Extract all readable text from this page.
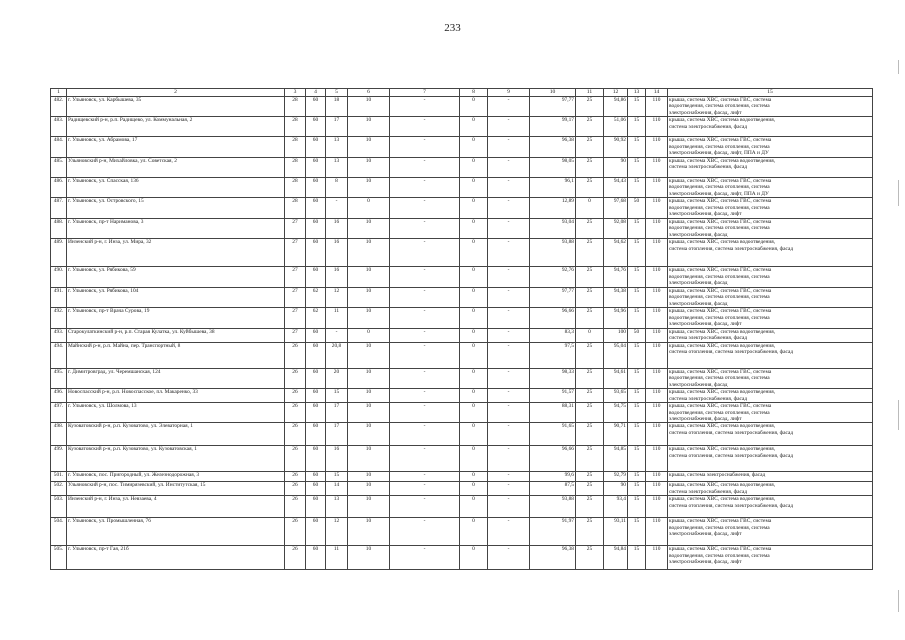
233
1	2	3	4	5	6	7	8	9	10	11	12	13	14	15
482.	г. Ульяновск, ул. Карбышева, 35	28	60	18	10	-	0	-	97,77	25	94,86	15	110	крыша, система ХВС, система ГВС, система
водоотведения, система отопления, система
электроснабжения, фасад, лифт
483.	Радищевский р-н, р.п. Радищево, ул. Коммунальная, 2	28	60	17	10	-	0	-	99,17	25	51,06	15	110	крыша, система ХВС, система водоотведения,
система электроснабжения, фасад
484.	г. Ульяновск, ул. Абрамова, 17	28	60	13	10	-	0	-	96,38	25	90,92	15	110	крыша, система ХВС, система ГВС, система
водоотведения, система отопления, система
электроснабжения, фасад, лифт, ППА и ДУ
485.	Ульяновский р-н, Михайловка, ул. Советская, 2	28	60	13	10	-	0	-	98,05	25	90	15	110	крыша, система ХВС, система водоотведения,
система электроснабжения, фасад
486.	г. Ульяновск, ул. Спасская, 136	28	60	8	10	-	0	-	96,1	25	94,43	15	110	крыша, система ХВС, система ГВС, система
водоотведения, система отопления, система
электроснабжения, фасад, лифт, ППА и ДУ
487.	г. Ульяновск, ул. Островского, 15	28	60	-	0	-	0	-	12,89	0	97,68	50	110	крыша, система ХВС, система ГВС, система
водоотведения, система отопления, система
электроснабжения, фасад, лифт
488.	г. Ульяновск, пр-т Нариманова, 3	27	60	16	10	-	0	-	93,04	25	92,08	15	110	крыша, система ХВС, система ГВС, система
водоотведения, система отопления, система
электроснабжения, фасад
489.	Инзенский р-н, г. Инза, ул. Мира, 32	27	60	16	10	-	0	-	93,88	25	94,62	15	110	крыша, система ХВС, система водоотведения,
система отопления, система электроснабжения, фасад
490.	г. Ульяновск, ул. Рябикова, 59	27	60	16	10	-	0	-	92,76	25	94,76	15	110	крыша, система ХВС, система ГВС, система
водоотведения, система отопления, система
электроснабжения, фасад
491.	г. Ульяновск, ул. Рябикова, 104	27	62	12	10	-	0	-	97,77	25	94,38	15	110	крыша, система ХВС, система ГВС, система
водоотведения, система отопления, система
электроснабжения, фасад
492.	г. Ульяновск, пр-т Врача Сурова, 19	27	62	11	10	-	0	-	96,66	25	94,96	15	110	крыша, система ХВС, система ГВС, система
водоотведения, система отопления, система
электроснабжения, фасад, лифт
493.	Старокулаткинский р-н, р.п. Старая Кулатка, ул. Куйбышева, 38	27	60	-	0	-	0	-	83,3	0	100	50	110	крыша, система ХВС, система водоотведения,
система электроснабжения, фасад
494.	Майнский р-н, р.п. Майна, пер. Транспортный, 8	26	60	20,8	10	-	0	-	97,5	25	95,04	15	110	крыша, система ХВС, система водоотведения,
система отопления, система электроснабжения, фасад
495.	г. Димитровград, ул. Черемшанская, 124	26	60	20	10	-	0	-	98,33	25	94,61	15	110	крыша, система ХВС, система ГВС, система
водоотведения, система отопления, система
электроснабжения, фасад
496.	Новоспасский р-н, р.п. Новоспасское, пл. Макаренко, 33	26	60	15	10	-	0	-	91,57	25	93,65	15	110	крыша, система ХВС, система водоотведения,
система электроснабжения, фасад
497.	г. Ульяновск, ул. Шолмова, 13	26	60	17	10	-	0	-	88,31	25	94,75	15	110	крыша, система ХВС, система ГВС, система
водоотведения, система отопления, система
электроснабжения, фасад, лифт
498.	Кузоватовский р-н, р.п. Кузоватово, ул. Элеваторная, 1	26	60	17	10	-	0	-	91,65	25	90,71	15	110	крыша, система ХВС, система водоотведения,
система отопления, система электроснабжения, фасад
499.	Кузоватовский р-н, р.п. Кузоватово, ул. Кузоватовская, 1	26	60	16	10	-	0	-	96,66	25	94,85	15	110	крыша, система ХВС, система водоотведения,
система отопления, система электроснабжения, фасад
501.	г. Ульяновск, пос. Пригородный, ул. Железнодорожная, 3	26	60	15	10	-	0	-	99,6	25	92,79	15	110	крыша, система электроснабжения, фасад
502.	Ульяновский р-н, пос. Тимирязевский, ул. Институтская, 15	26	60	14	10	-	0	-	87,5	25	90	15	110	крыша, система ХВС, система водоотведения,
система электроснабжения, фасад
503.	Инзенский р-н, г. Инза, ул. Невзаева, 4	26	60	13	10	-	0	-	93,88	25	93,4	15	110	крыша, система ХВС, система водоотведения,
система отопления, система электроснабжения, фасад
504.	г. Ульяновск, ул. Промышленная, 76	26	60	12	10	-	0	-	91,97	25	93,11	15	110	крыша, система ХВС, система ГВС, система
водоотведения, система отопления, система
электроснабжения, фасад, лифт
505.	г. Ульяновск, пр-т Гая, 21б	26	60	11	10	-	0	-	96,38	25	94,84	15	110	крыша, система ХВС, система ГВС, система
водоотведения, система отопления, система
электроснабжения, фасад, лифт
